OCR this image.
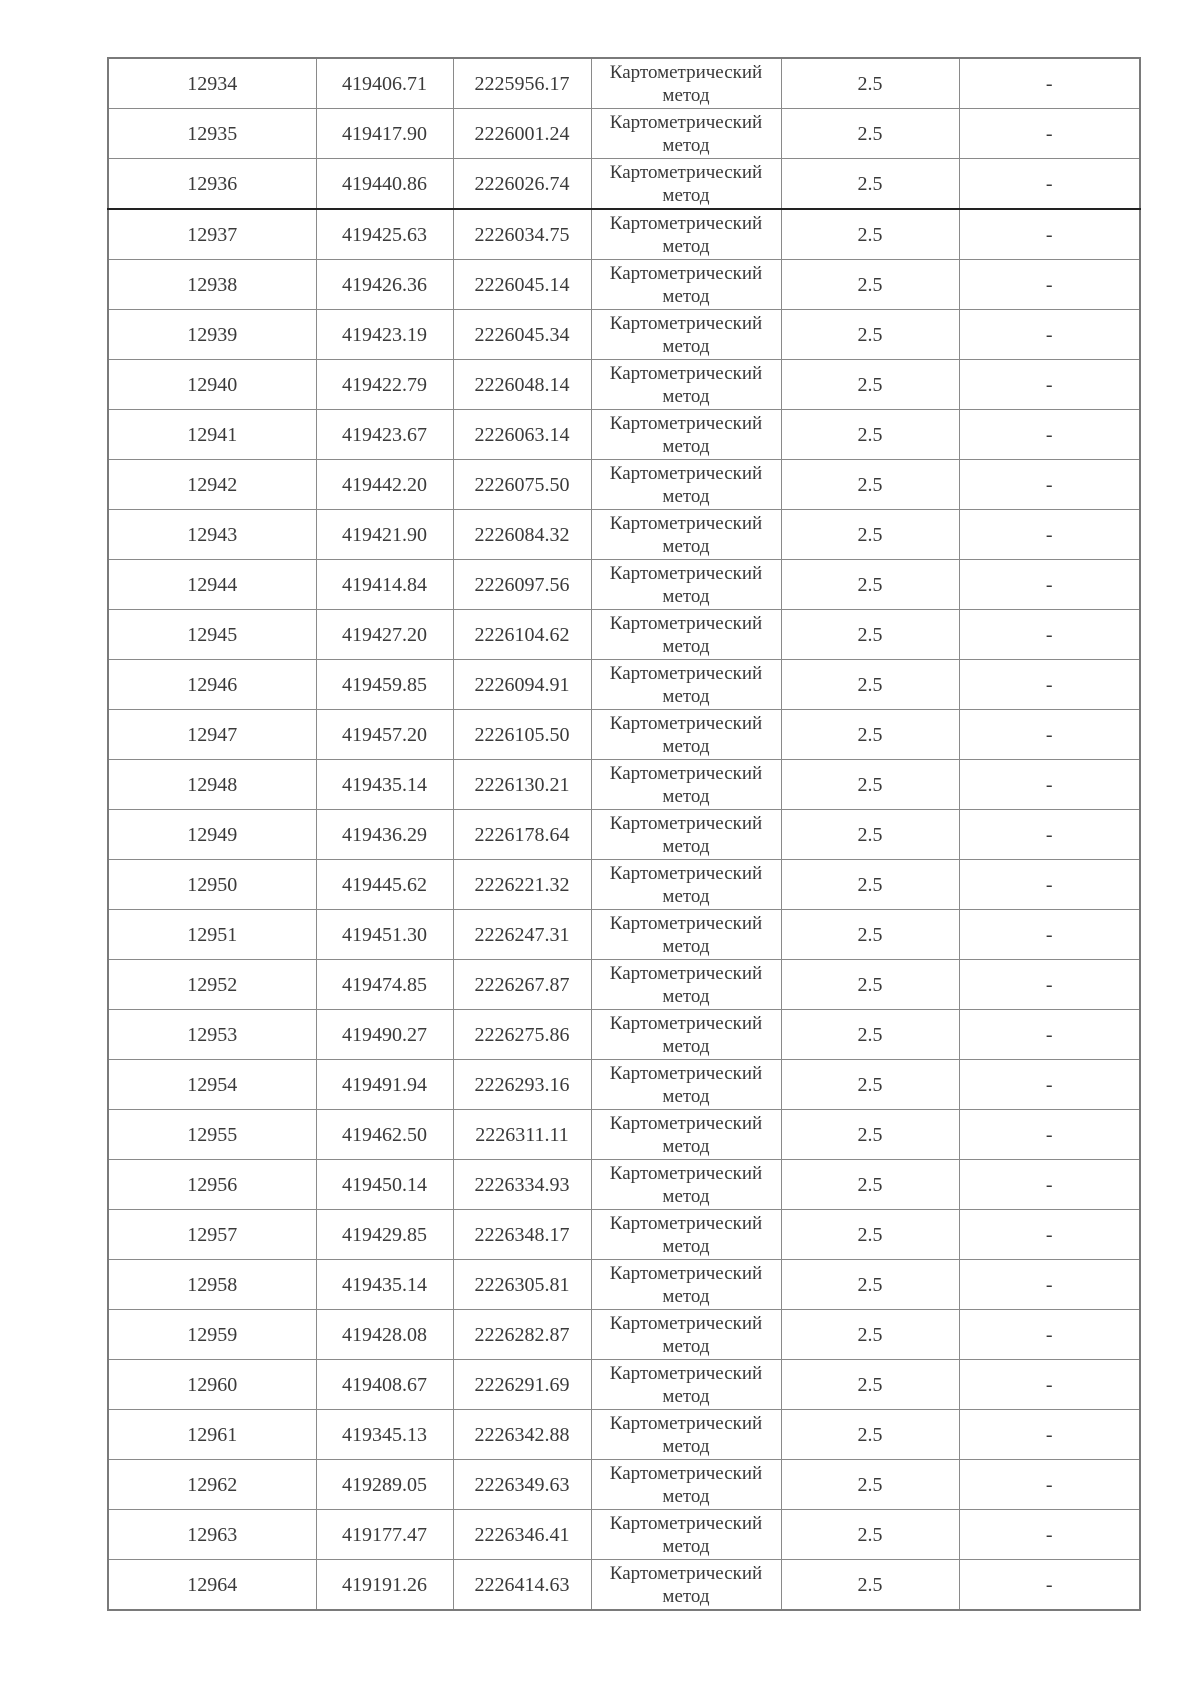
12934	419406.71	2225956.17	Картометрический
метод	2.5	-
12935	419417.90	2226001.24	Картометрический
метод	2.5	-
12936	419440.86	2226026.74	Картометрический
метод	2.5	-
12937	419425.63	2226034.75	Картометрический
метод	2.5	-
12938	419426.36	2226045.14	Картометрический
метод	2.5	-
12939	419423.19	2226045.34	Картометрический
метод	2.5	-
12940	419422.79	2226048.14	Картометрический
метод	2.5	-
12941	419423.67	2226063.14	Картометрический
метод	2.5	-
12942	419442.20	2226075.50	Картометрический
метод	2.5	-
12943	419421.90	2226084.32	Картометрический
метод	2.5	-
12944	419414.84	2226097.56	Картометрический
метод	2.5	-
12945	419427.20	2226104.62	Картометрический
метод	2.5	-
12946	419459.85	2226094.91	Картометрический
метод	2.5	-
12947	419457.20	2226105.50	Картометрический
метод	2.5	-
12948	419435.14	2226130.21	Картометрический
метод	2.5	-
12949	419436.29	2226178.64	Картометрический
метод	2.5	-
12950	419445.62	2226221.32	Картометрический
метод	2.5	-
12951	419451.30	2226247.31	Картометрический
метод	2.5	-
12952	419474.85	2226267.87	Картометрический
метод	2.5	-
12953	419490.27	2226275.86	Картометрический
метод	2.5	-
12954	419491.94	2226293.16	Картометрический
метод	2.5	-
12955	419462.50	2226311.11	Картометрический
метод	2.5	-
12956	419450.14	2226334.93	Картометрический
метод	2.5	-
12957	419429.85	2226348.17	Картометрический
метод	2.5	-
12958	419435.14	2226305.81	Картометрический
метод	2.5	-
12959	419428.08	2226282.87	Картометрический
метод	2.5	-
12960	419408.67	2226291.69	Картометрический
метод	2.5	-
12961	419345.13	2226342.88	Картометрический
метод	2.5	-
12962	419289.05	2226349.63	Картометрический
метод	2.5	-
12963	419177.47	2226346.41	Картометрический
метод	2.5	-
12964	419191.26	2226414.63	Картометрический
метод	2.5	-
